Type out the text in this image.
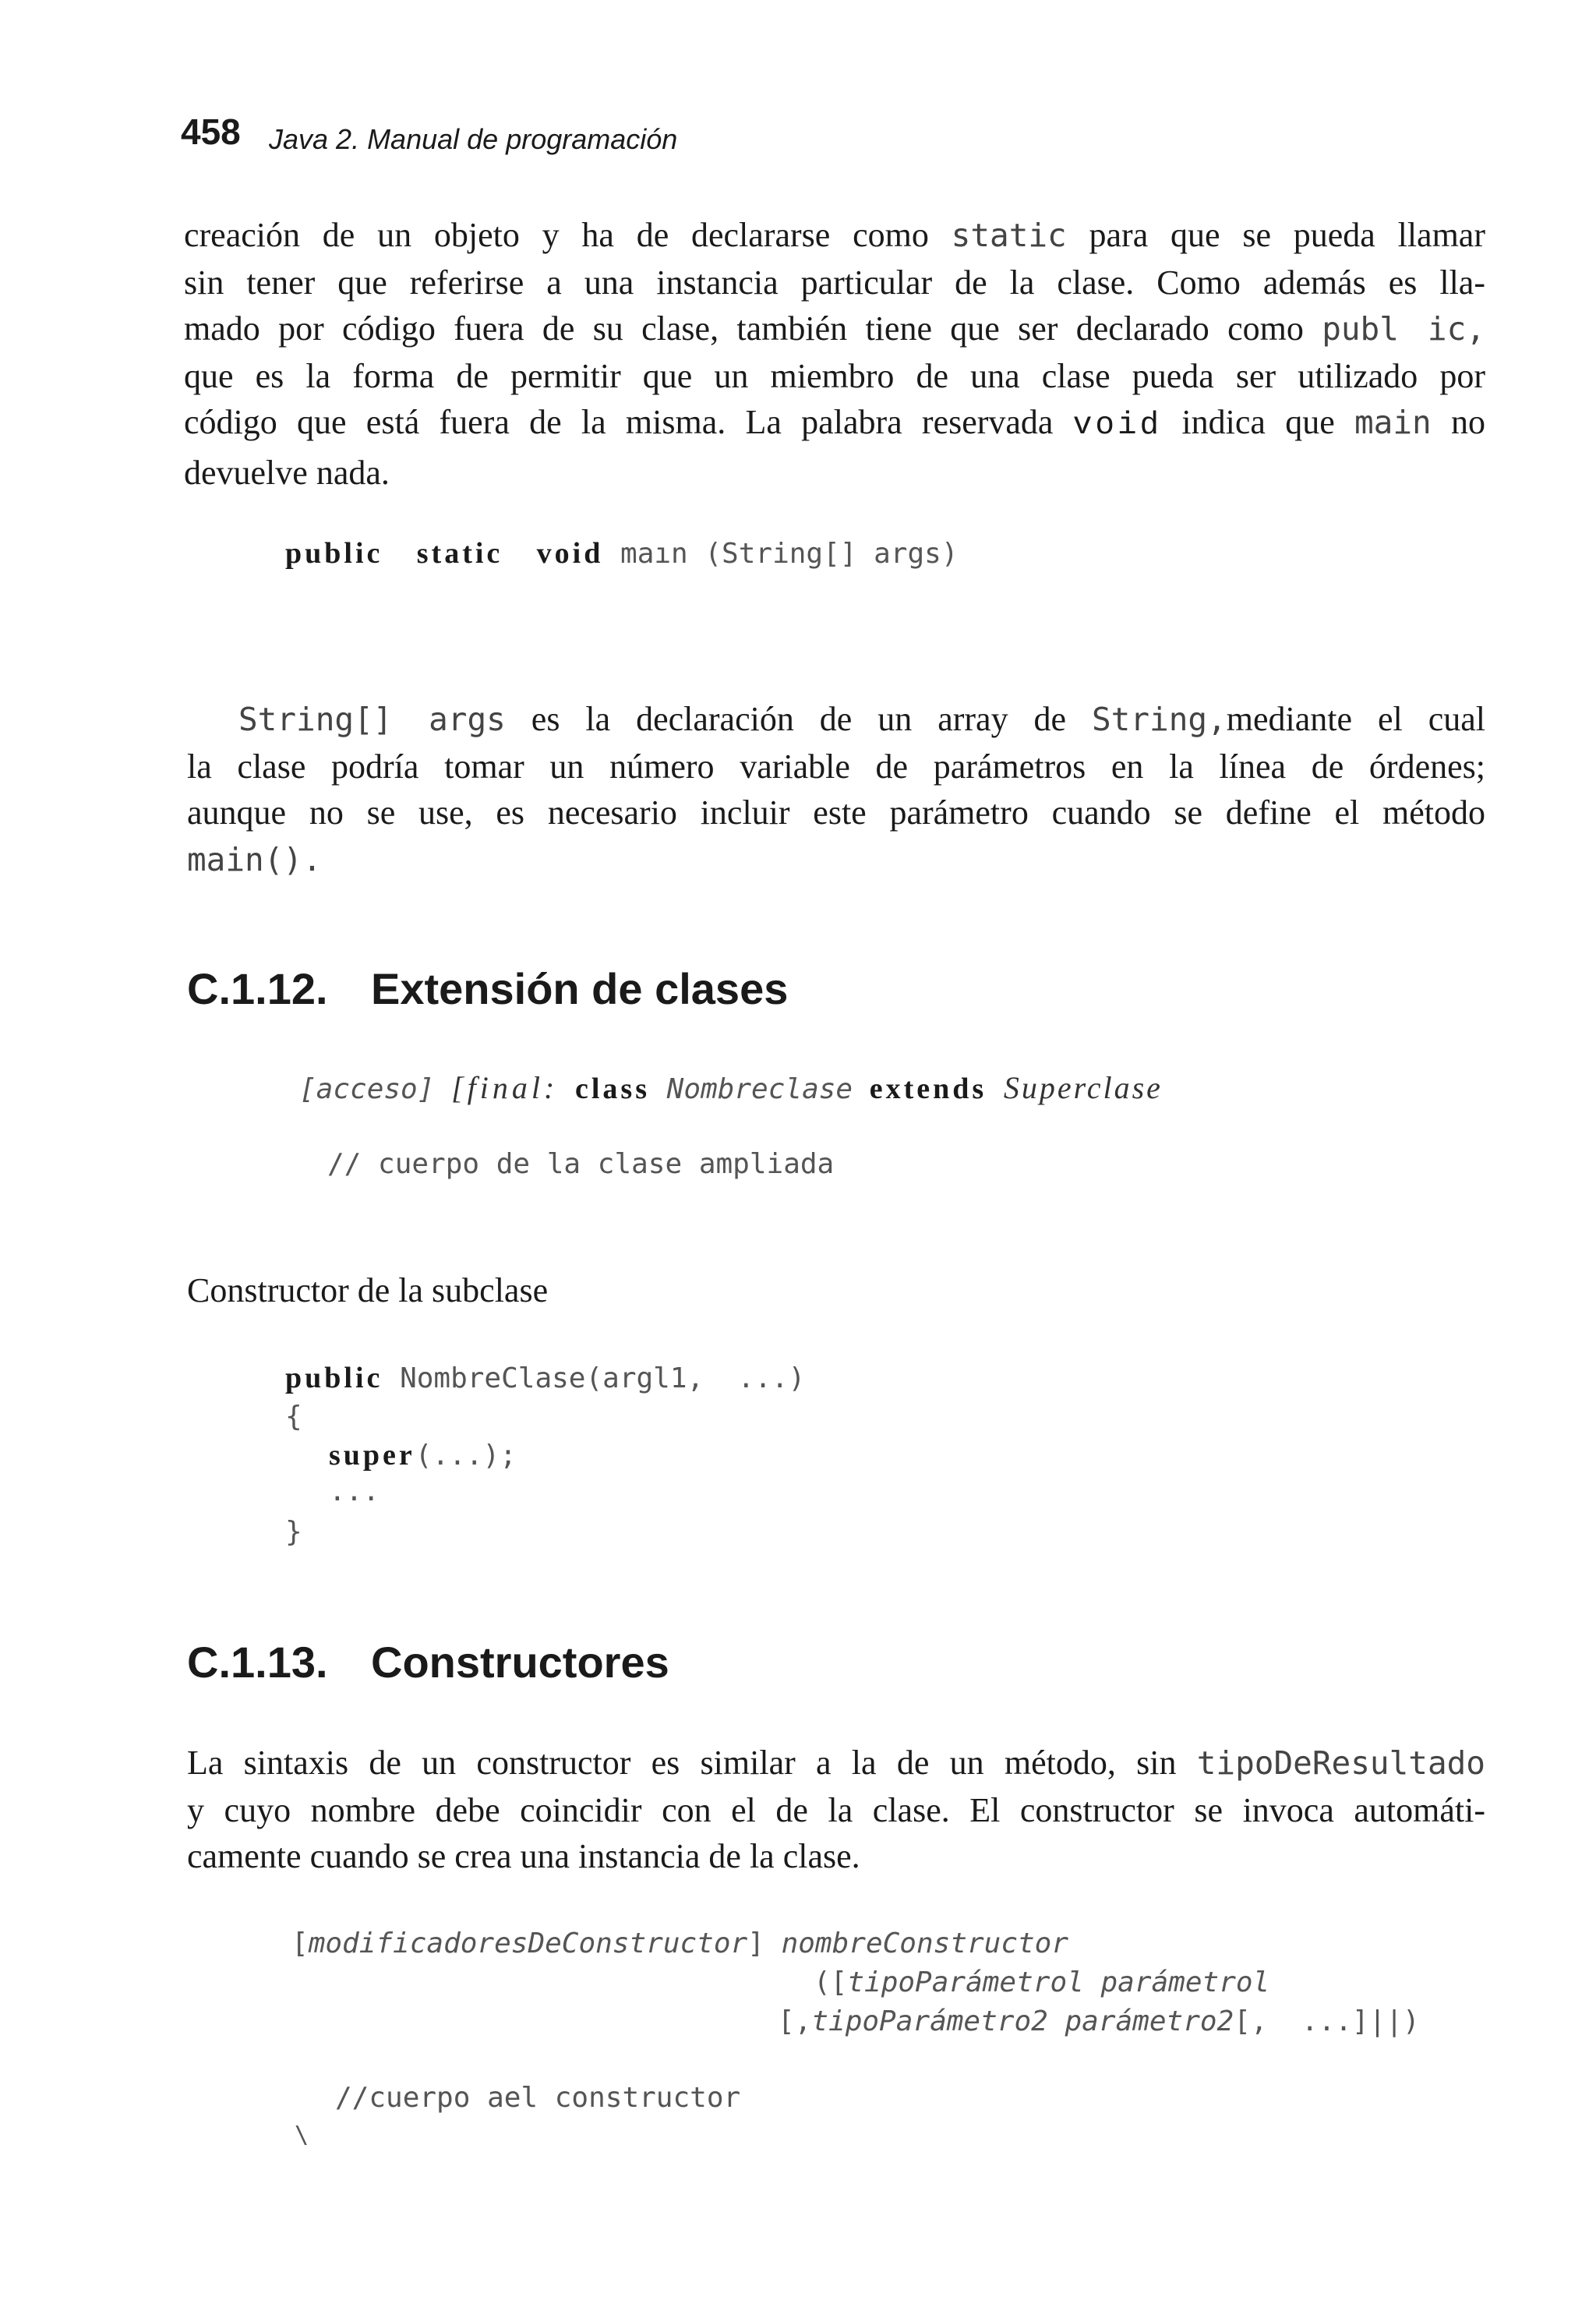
458 Java 2. Manual de programación
creación de un objeto y ha de declararse como static para que se pueda llamar
sin tener que referirse a una instancia particular de la clase. Como además es lla-
mado por código fuera de su clase, también tiene que ser declarado como publ ic,
que es la forma de permitir que un miembro de una clase pueda ser utilizado por
código que está fuera de la misma. La palabra reservada void indica que main no
devuelve nada.
public static void maın (String[] args)
String[] args es la declaración de un array de String,mediante el cual
la clase podría tomar un número variable de parámetros en la línea de órdenes;
aunque no se use, es necesario incluir este parámetro cuando se define el método
main().
C.1.12. Extensión de clases
[acceso] [final: class Nombreclase extends Superclase
// cuerpo de la clase ampliada
Constructor de la subclase
public NombreClase(argl1,  ...)
{
super(...);
...
}
C.1.13. Constructores
La sintaxis de un constructor es similar a la de un método, sin tipoDeResultado
y cuyo nombre debe coincidir con el de la clase. El constructor se invoca automáti-
camente cuando se crea una instancia de la clase.
[modificadoresDeConstructor] nombreConstructor
([tipoParámetrol parámetrol
[,tipoParámetro2 parámetro2[,  ...]||)
//cuerpo ael constructor
\
